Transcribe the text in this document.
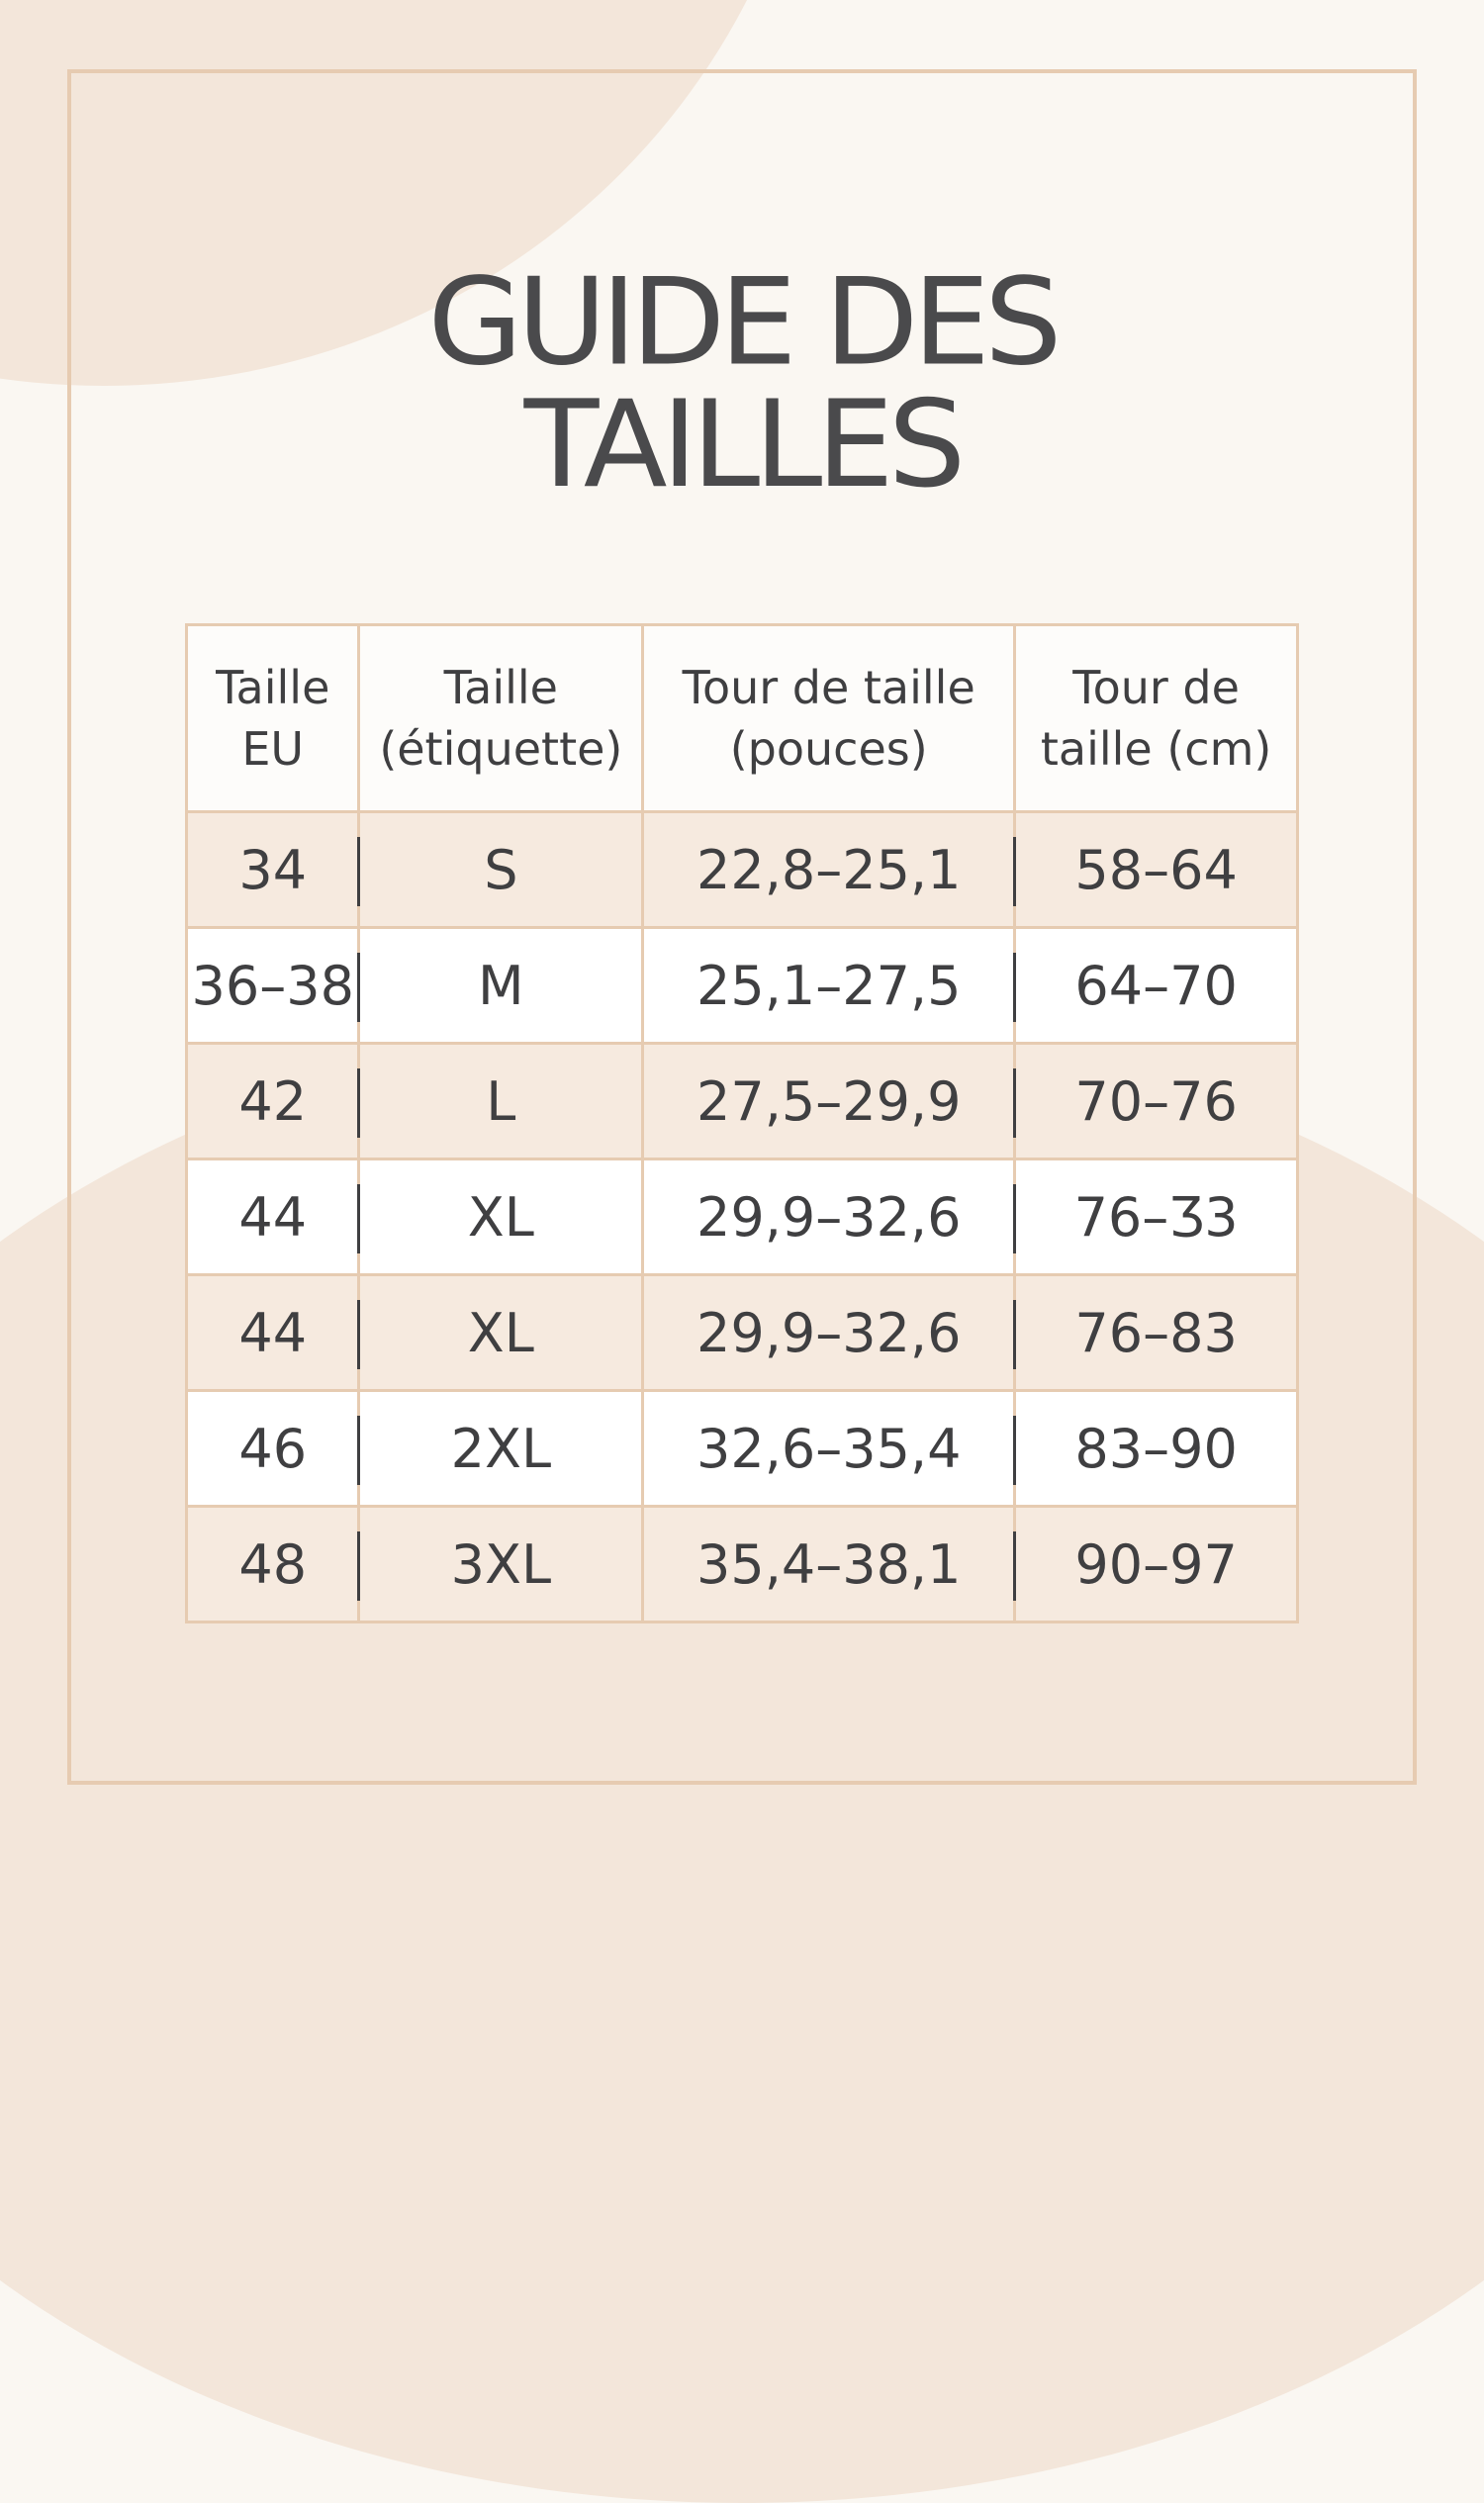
GUIDE DES
TAILLES
Taille EU	Taille (étiquette)	Tour de taille (pouces)	Tour de taille (cm)
34	S	22,8–25,1	58–64
36–38	M	25,1–27,5	64–70
42	L	27,5–29,9	70–76
44	XL	29,9–32,6	76–Ʒ3
44	XL	29,9–32,6	76–83
46	2XL	32,6–35,4	83–90
48	3XL	35,4–38,1	90–97
